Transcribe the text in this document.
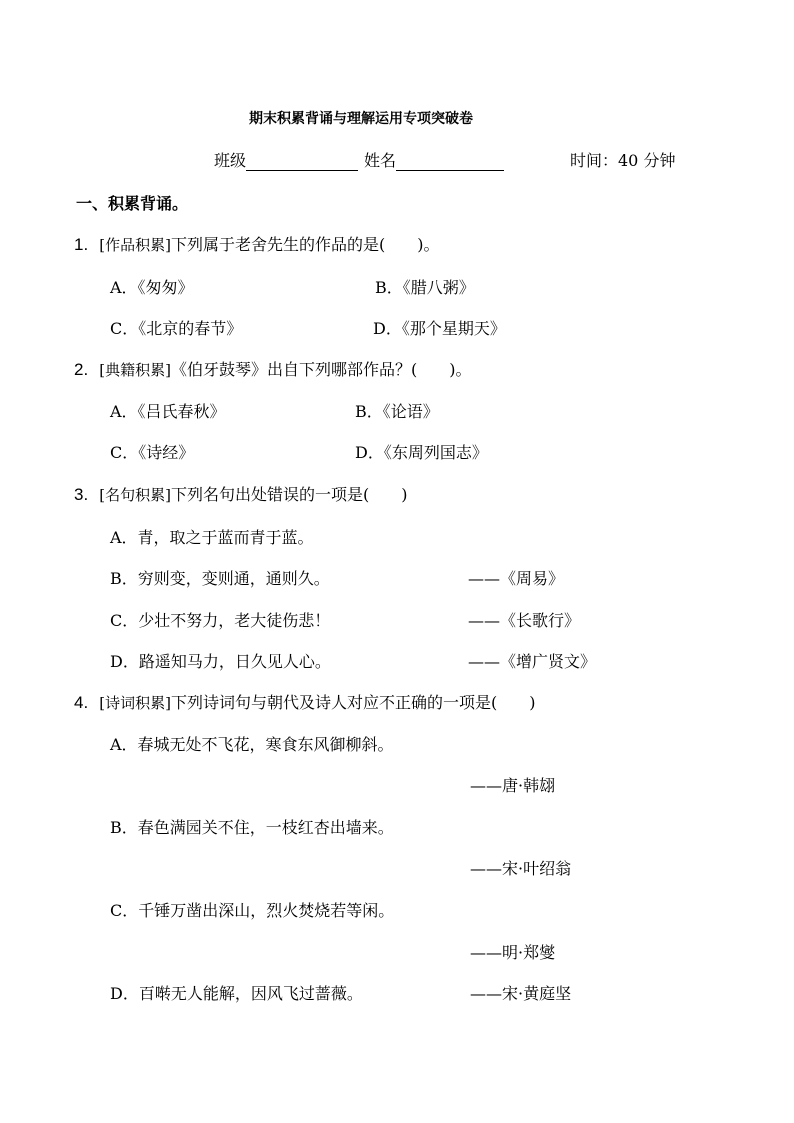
期末积累背诵与理解运用专项突破卷
班级	姓名	时间：40 分钟
一、积累背诵。
1. [作品积累]下列属于老舍先生的作品的是(　　)。
A．《匆匆》	B．《腊八粥》
C．《北京的春节》	D．《那个星期天》
2. [典籍积累]《伯牙鼓琴》出自下列哪部作品？(　　)。
A．《吕氏春秋》	B．《论语》
C．《诗经》	D．《东周列国志》
3. [名句积累]下列名句出处错误的一项是(　　)
A．青，取之于蓝而青于蓝。
B．穷则变，变则通，通则久。	——《周易》
C．少壮不努力，老大徒伤悲！	——《长歌行》
D．路遥知马力，日久见人心。	——《增广贤文》
4. [诗词积累]下列诗词句与朝代及诗人对应不正确的一项是(　　)
A．春城无处不飞花，寒食东风御柳斜。
——唐·韩翃
B．春色满园关不住，一枝红杏出墙来。
——宋·叶绍翁
C．千锤万凿出深山，烈火焚烧若等闲。
——明·郑燮
D．百啭无人能解，因风飞过蔷薇。	——宋·黄庭坚
